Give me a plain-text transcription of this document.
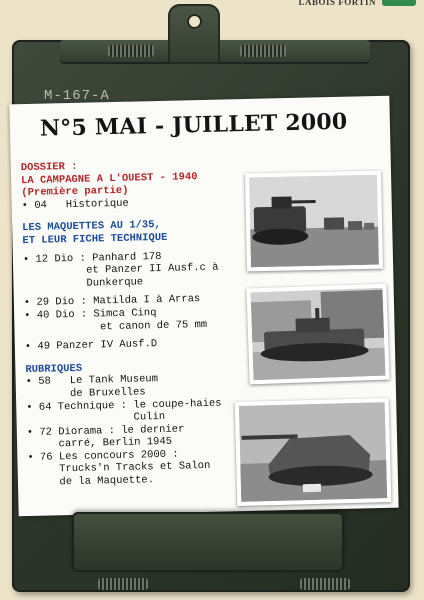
LABOIS FORTIN
M-167-A
N°5 MAI - JUILLET 2000
DOSSIER :
LA CAMPAGNE A L'OUEST - 1940
(Première partie)
• 04 Historique
LES MAQUETTES AU 1/35,
ET LEUR FICHE TECHNIQUE
• 12 Dio : Panhard 178
et Panzer II Ausf.c à
Dunkerque
• 29 Dio : Matilda I à Arras
• 40 Dio : Simca Cinq
et canon de 75 mm
• 49 Panzer IV Ausf.D
RUBRIQUES
• 58   Le Tank Museum
de Bruxelles
• 64 Technique : le coupe-haies
Culin
• 72 Diorama : le dernier
carré, Berlin 1945
• 76 Les concours 2000 :
Trucks'n Tracks et Salon
de la Maquette.
